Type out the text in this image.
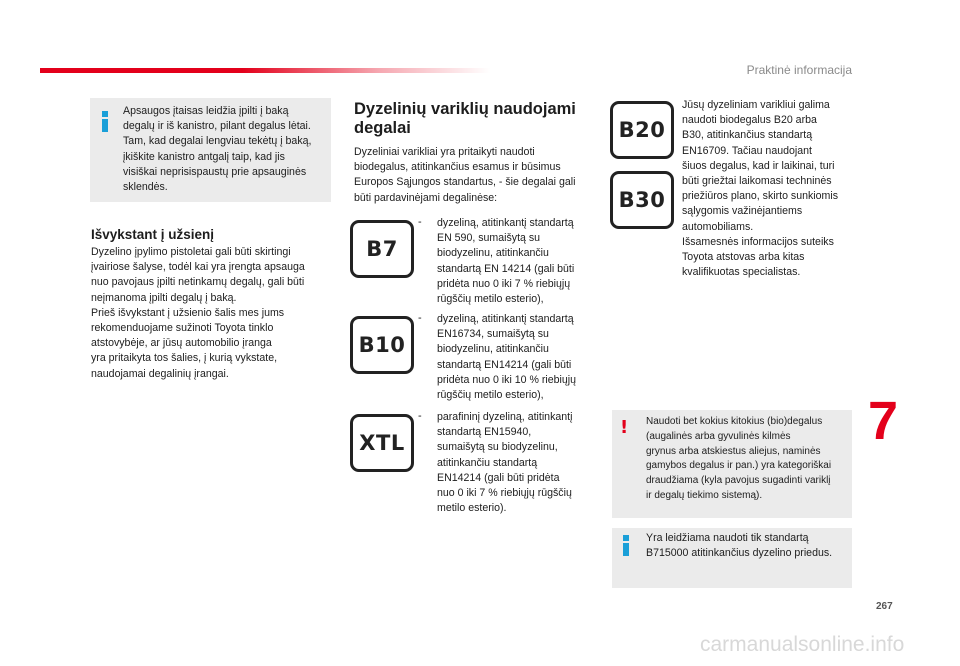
Praktinė informacija
Apsaugos įtaisas leidžia įpilti į baką
degalų ir iš kanistro, pilant degalus lėtai.
Tam, kad degalai lengviau tekėtų į baką,
įkiškite kanistro antgalį taip, kad jis
visiškai neprisispaustų prie apsauginės
sklendės.
Išvykstant į užsienį
Dyzelino įpylimo pistoletai gali būti skirtingi
įvairiose šalyse, todėl kai yra įrengta apsauga
nuo pavojaus įpilti netinkamų degalų, gali būti
neįmanoma įpilti degalų į baką.
Prieš išvykstant į užsienio šalis mes jums
rekomenduojame sužinoti Toyota tinklo
atstovybėje, ar jūsų automobilio įranga
yra pritaikyta tos šalies, į kurią vykstate,
naudojamai degalinių įrangai.
Dyzelinių variklių naudojami
degalai
Dyzeliniai varikliai yra pritaikyti naudoti
biodegalus, atitinkančius esamus ir būsimus
Europos Sąjungos standartus, - šie degalai gali
būti pardavinėjami degalinėse:
B7
- dyzeliną, atitinkantį standartą
EN 590, sumaišytą su
biodyzelinu, atitinkančiu
standartą EN 14214 (gali būti
pridėta nuo 0 iki 7 % riebiųjų
rūgščių metilo esterio),
B10
- dyzeliną, atitinkantį standartą
EN16734, sumaišytą su
biodyzelinu, atitinkančiu
standartą EN14214 (gali būti
pridėta nuo 0 iki 10 % riebiųjų
rūgščių metilo esterio),
XTL
- parafininį dyzeliną, atitinkantį
standartą EN15940,
sumaišytą su biodyzelinu,
atitinkančiu standartą
EN14214 (gali būti pridėta
nuo 0 iki 7 % riebiųjų rūgščių
metilo esterio).
B20
B30
Jūsų dyzeliniam varikliui galima
naudoti biodegalus B20 arba
B30, atitinkančius standartą
EN16709. Tačiau naudojant
šiuos degalus, kad ir laikinai, turi
būti griežtai laikomasi techninės
priežiūros plano, skirto sunkiomis
sąlygomis važinėjantiems
automobiliams.
Išsamesnės informacijos suteiks
Toyota atstovas arba kitas
kvalifikuotas specialistas.
7
! Naudoti bet kokius kitokius (bio)degalus
(augalinės arba gyvulinės kilmės
grynus arba atskiestus aliejus, naminės
gamybos degalus ir pan.) yra kategoriškai
draudžiama (kyla pavojus sugadinti variklį
ir degalų tiekimo sistemą).
Yra leidžiama naudoti tik standartą
B715000 atitinkančius dyzelino priedus.
267
carmanualsonline.info
